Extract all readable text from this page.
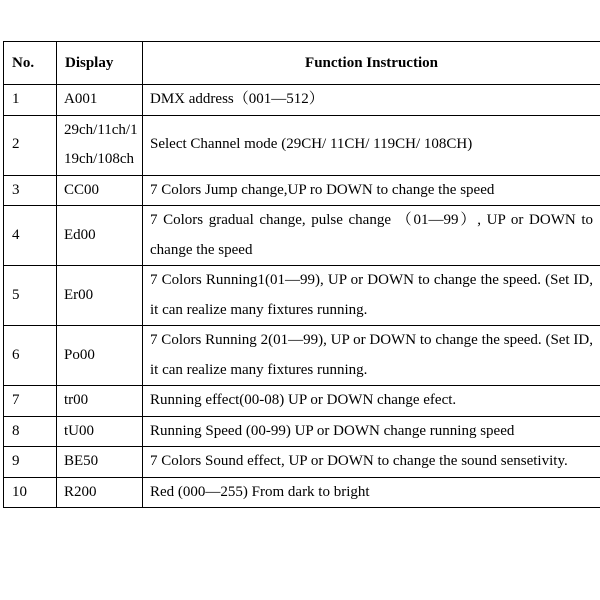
No.	Display	Function Instruction
1	A001	DMX address（001—512）
2	29ch/11ch/119ch/108ch	Select Channel mode (29CH/ 11CH/ 119CH/ 108CH)
3	CC00	7 Colors Jump change,UP ro DOWN to change the speed
4	Ed00	7 Colors gradual change, pulse change （01—99）, UP or DOWN to change the speed
5	Er00	7 Colors Running1(01—99), UP or DOWN to change the speed. (Set ID, it can realize many fixtures running.
6	Po00	7 Colors Running 2(01—99), UP or DOWN to change the speed. (Set ID, it can realize many fixtures running.
7	tr00	Running effect(00-08) UP or DOWN change efect.
8	tU00	Running Speed (00-99) UP or DOWN change running speed
9	BE50	7 Colors Sound effect, UP or DOWN to change the sound sensetivity.
10	R200	Red (000—255) From dark to bright
